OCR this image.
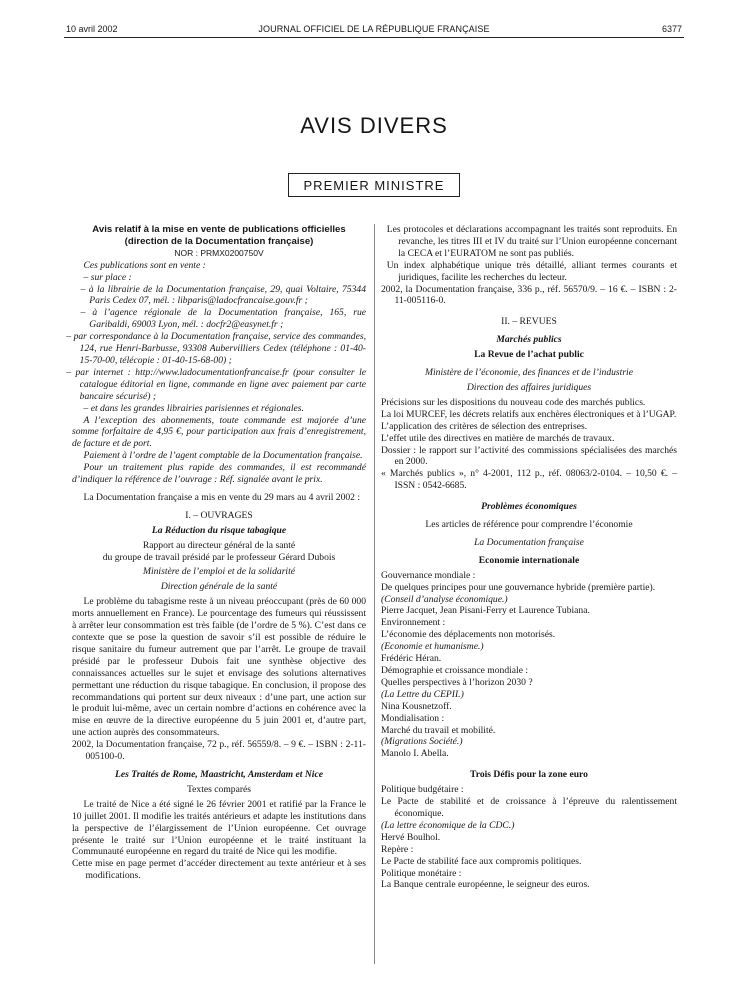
10 avril 2002	JOURNAL OFFICIEL DE LA RÉPUBLIQUE FRANÇAISE	6377
AVIS DIVERS
PREMIER MINISTRE

Avis relatif à la mise en vente de publications officielles

(direction de la Documentation française)

NOR : PRMX0200750V

Ces publications sont en vente :

– sur place :

– à la librairie de la Documentation française, 29, quai Voltaire, 75344 Paris Cedex 07, mél. : libparis@ladocfrancaise.gouv.fr ;

– à l’agence régionale de la Documentation française, 165, rue Garibaldi, 69003 Lyon, mél. : docfr2@easynet.fr ;

– par correspondance à la Documentation française, service des commandes, 124, rue Henri-Barbusse, 93308 Aubervilliers Cedex (téléphone : 01-40-15-70-00, télécopie : 01-40-15-68-00) ;

– par internet : http://www.ladocumentationfrancaise.fr (pour consulter le catalogue éditorial en ligne, commande en ligne avec paiement par carte bancaire sécurisé) ;

– et dans les grandes librairies parisiennes et régionales.

A l’exception des abonnements, toute commande est majorée d’une somme forfaitaire de 4,95 €, pour participation aux frais d’enregistrement, de facture et de port.

Paiement à l’ordre de l’agent comptable de la Documentation française.

Pour un traitement plus rapide des commandes, il est recommandé d’indiquer la référence de l’ouvrage : Réf. signalée avant le prix.

La Documentation française a mis en vente du 29 mars au 4 avril 2002 :

I. – OUVRAGES

La Réduction du risque tabagique

Rapport au directeur général de la santé

du groupe de travail présidé par le professeur Gérard Dubois

Ministère de l’emploi et de la solidarité

Direction générale de la santé

Le problème du tabagisme reste à un niveau préoccupant (près de 60 000 morts annuellement en France). Le pourcentage des fumeurs qui réussissent à arrêter leur consommation est très faible (de l’ordre de 5 %). C’est dans ce contexte que se pose la question de savoir s’il est possible de réduire le risque sanitaire du fumeur autrement que par l’arrêt. Le groupe de travail présidé par le professeur Dubois fait une synthèse objective des connaissances actuelles sur le sujet et envisage des solutions alternatives permettant une réduction du risque tabagique. En conclusion, il propose des recommandations qui portent sur deux niveaux : d’une part, une action sur le produit lui-même, avec un certain nombre d’actions en cohérence avec la mise en œuvre de la directive européenne du 5 juin 2001 et, d’autre part, une action auprès des consommateurs.

2002, la Documentation française, 72 p., réf. 56559/8. – 9 €. – ISBN : 2-11-005100-0.

Les Traités de Rome, Maastricht, Amsterdam et Nice

Textes comparés

Le traité de Nice a été signé le 26 février 2001 et ratifié par la France le 10 juillet 2001. Il modifie les traités antérieurs et adapte les institutions dans la perspective de l’élargissement de l’Union européenne. Cet ouvrage présente le traité sur l’Union européenne et le traité instituant la Communauté européenne en regard du traité de Nice qui les modifie.

Cette mise en page permet d’accéder directement au texte antérieur et à ses modifications.

Les protocoles et déclarations accompagnant les traités sont reproduits. En revanche, les titres III et IV du traité sur l’Union européenne concernant la CECA et l’EURATOM ne sont pas publiés.

Un index alphabétique unique très détaillé, alliant termes courants et juridiques, facilite les recherches du lecteur.

2002, la Documentation française, 336 p., réf. 56570/9. – 16 €. – ISBN : 2-11-005116-0.

II. – REVUES

Marchés publics

La Revue de l’achat public

Ministère de l’économie, des finances et de l’industrie

Direction des affaires juridiques

Précisions sur les dispositions du nouveau code des marchés publics.

La loi MURCEF, les décrets relatifs aux enchères électroniques et à l’UGAP.

L’application des critères de sélection des entreprises.

L’effet utile des directives en matière de marchés de travaux.

Dossier : le rapport sur l’activité des commissions spécialisées des marchés en 2000.

« Marchés publics », n° 4-2001, 112 p., réf. 08063/2-0104. – 10,50 €. – ISSN : 0542-6685.

Problèmes économiques

Les articles de référence pour comprendre l’économie

La Documentation française

Economie internationale

Gouvernance mondiale :

De quelques principes pour une gouvernance hybride (première partie).

(Conseil d’analyse économique.)

Pierre Jacquet, Jean Pisani-Ferry et Laurence Tubiana.

Environnement :

L’économie des déplacements non motorisés.

(Economie et humanisme.)

Frédéric Héran.

Démographie et croissance mondiale :

Quelles perspectives à l’horizon 2030 ?

(La Lettre du CEPII.)

Nina Kousnetzoff.

Mondialisation :

Marché du travail et mobilité.

(Migrations Société.)

Manolo I. Abella.

Trois Défis pour la zone euro

Politique budgétaire :

Le Pacte de stabilité et de croissance à l’épreuve du ralentissement économique.

(La lettre économique de la CDC.)

Hervé Boulhol.

Repère :

Le Pacte de stabilité face aux compromis politiques.

Politique monétaire :

La Banque centrale européenne, le seigneur des euros.
